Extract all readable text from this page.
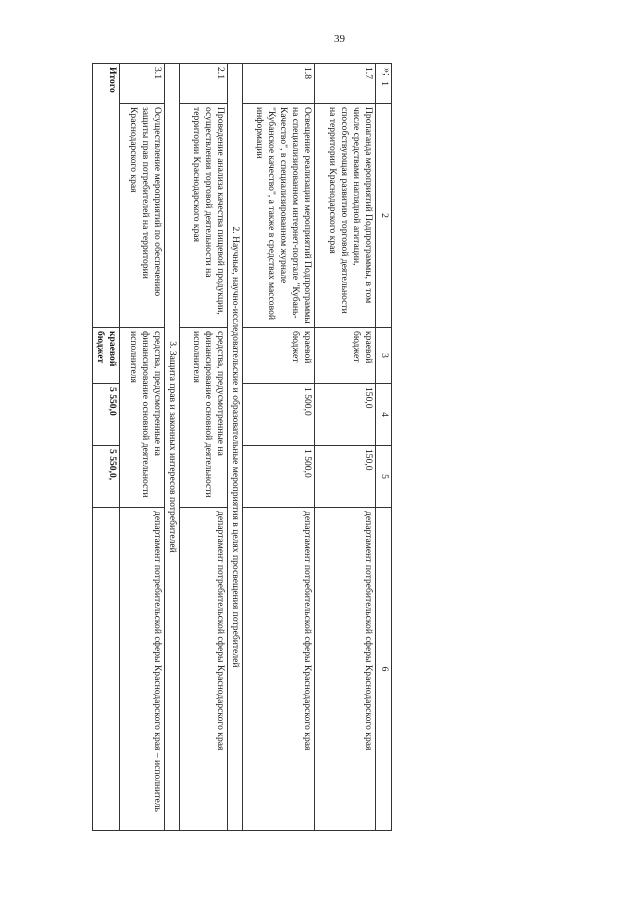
39
»;
1	2	3	4	5	6
1.7	Пропаганда мероприятий Подпрограммы, в том числе средствами наглядной агитации, способствующая развитию торговой деятельности на территории Краснодарского края	краевой бюджет	150,0	150,0	департамент потребительской сферы Краснодарского края
1.8	Освещение реализации мероприятий Подпрограммы на специализированном интернет-портале "Кубань-Качество", в специализированном журнале "Кубанское качество", а также в средствах массовой информации	краевой бюджет	1 500,0	1 500,0	департамент потребительской сферы Краснодарского края
2. Научные, научно-исследовательские и образовательные мероприятия в целях просвещения потребителей					
2.1	Проведение анализа качества пищевой продукции, осуществления торговой деятельности на территории Краснодарского края	средства, предусмотренные на финансирование основной деятельности исполнителя			департамент потребительской сферы Краснодарского края
3. Защита прав и законных интересов потребителей					
3.1	Осуществление мероприятий по обеспечению защиты прав потребителей на территории Краснодарского края	средства, предусмотренные на финансирование основной деятельности исполнителя			департамент потребительской сферы Краснодарского края – исполнитель
Итого		краевой бюджет	5 550,0	5 550,0,	
